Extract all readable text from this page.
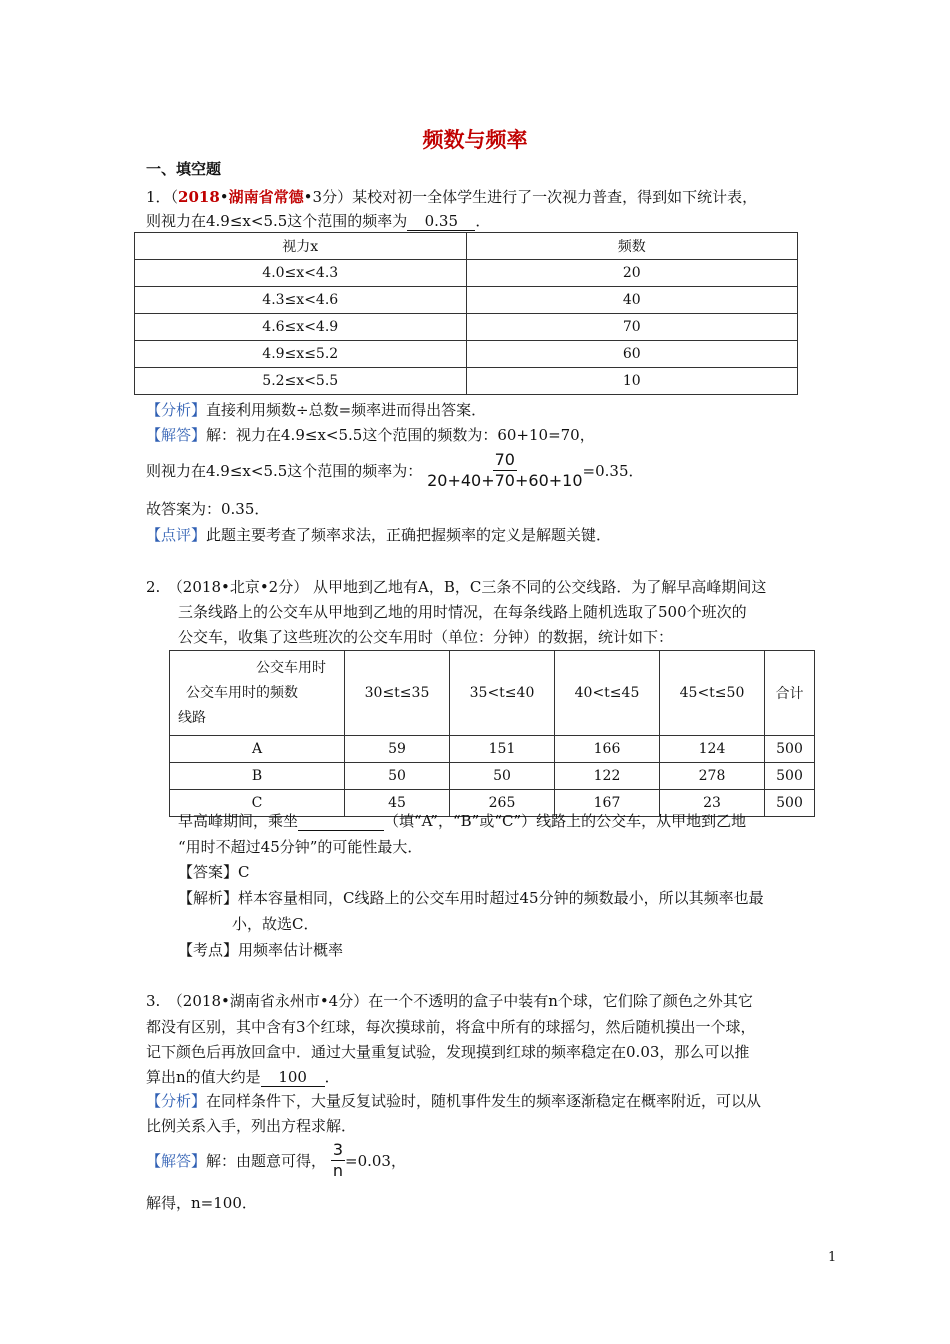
频数与频率
一、填空题
1．（2018•湖南省常德•3分）某校对初一全体学生进行了一次视力普查，得到如下统计表，
则视力在4.9≤x<5.5这个范围的频率为 0.35 ．
视力x	频数
4.0≤x<4.3	20
4.3≤x<4.6	40
4.6≤x<4.9	70
4.9≤x≤5.2	60
5.2≤x<5.5	10
【分析】直接利用频数÷总数=频率进而得出答案．
【解答】解：视力在4.9≤x<5.5这个范围的频数为：60+10=70，
则视力在4.9≤x<5.5这个范围的频率为： $\frac{70}{20+40+70+60+10} =0.35$．
故答案为：0.35．
【点评】此题主要考查了频率求法，正确把握频率的定义是解题关键．
2.　（2018•北京•2分） 从甲地到乙地有A，B，C三条不同的公交线路．为了解早高峰期间这
三条线路上的公交车从甲地到乙地的用时情况，在每条线路上随机选取了500个班次的
公交车，收集了这些班次的公交车用时（单位：分钟）的数据，统计如下：
公交车用时
公交车用时的频数
线路	30≤t≤35	35<t≤40	40<t≤45	45<t≤50	合计
A	59	151	166	124	500
B	50	50	122	278	500
C	45	265	167	23	500
早高峰期间，乘坐	（填“A”，“B”或“C”）线路上的公交车，从甲地到乙地
“用时不超过45分钟”的可能性最大．
【答案】C
【解析】样本容量相同，C线路上的公交车用时超过45分钟的频数最小，所以其频率也最
小，故选C．
【考点】用频率估计概率
3.　（2018•湖南省永州市•4分）在一个不透明的盒子中装有n个球，它们除了颜色之外其它
都没有区别，其中含有3个红球，每次摸球前，将盒中所有的球摇匀，然后随机摸出一个球，
记下颜色后再放回盒中．通过大量重复试验，发现摸到红球的频率稳定在0.03，那么可以推
算出n的值大约是 100 ．
【分析】在同样条件下，大量反复试验时，随机事件发生的频率逐渐稳定在概率附近，可以从
比例关系入手，列出方程求解．
【解答】解：由题意可得， $\frac{3}{n} =0.03$，
解得，n=100．
1
